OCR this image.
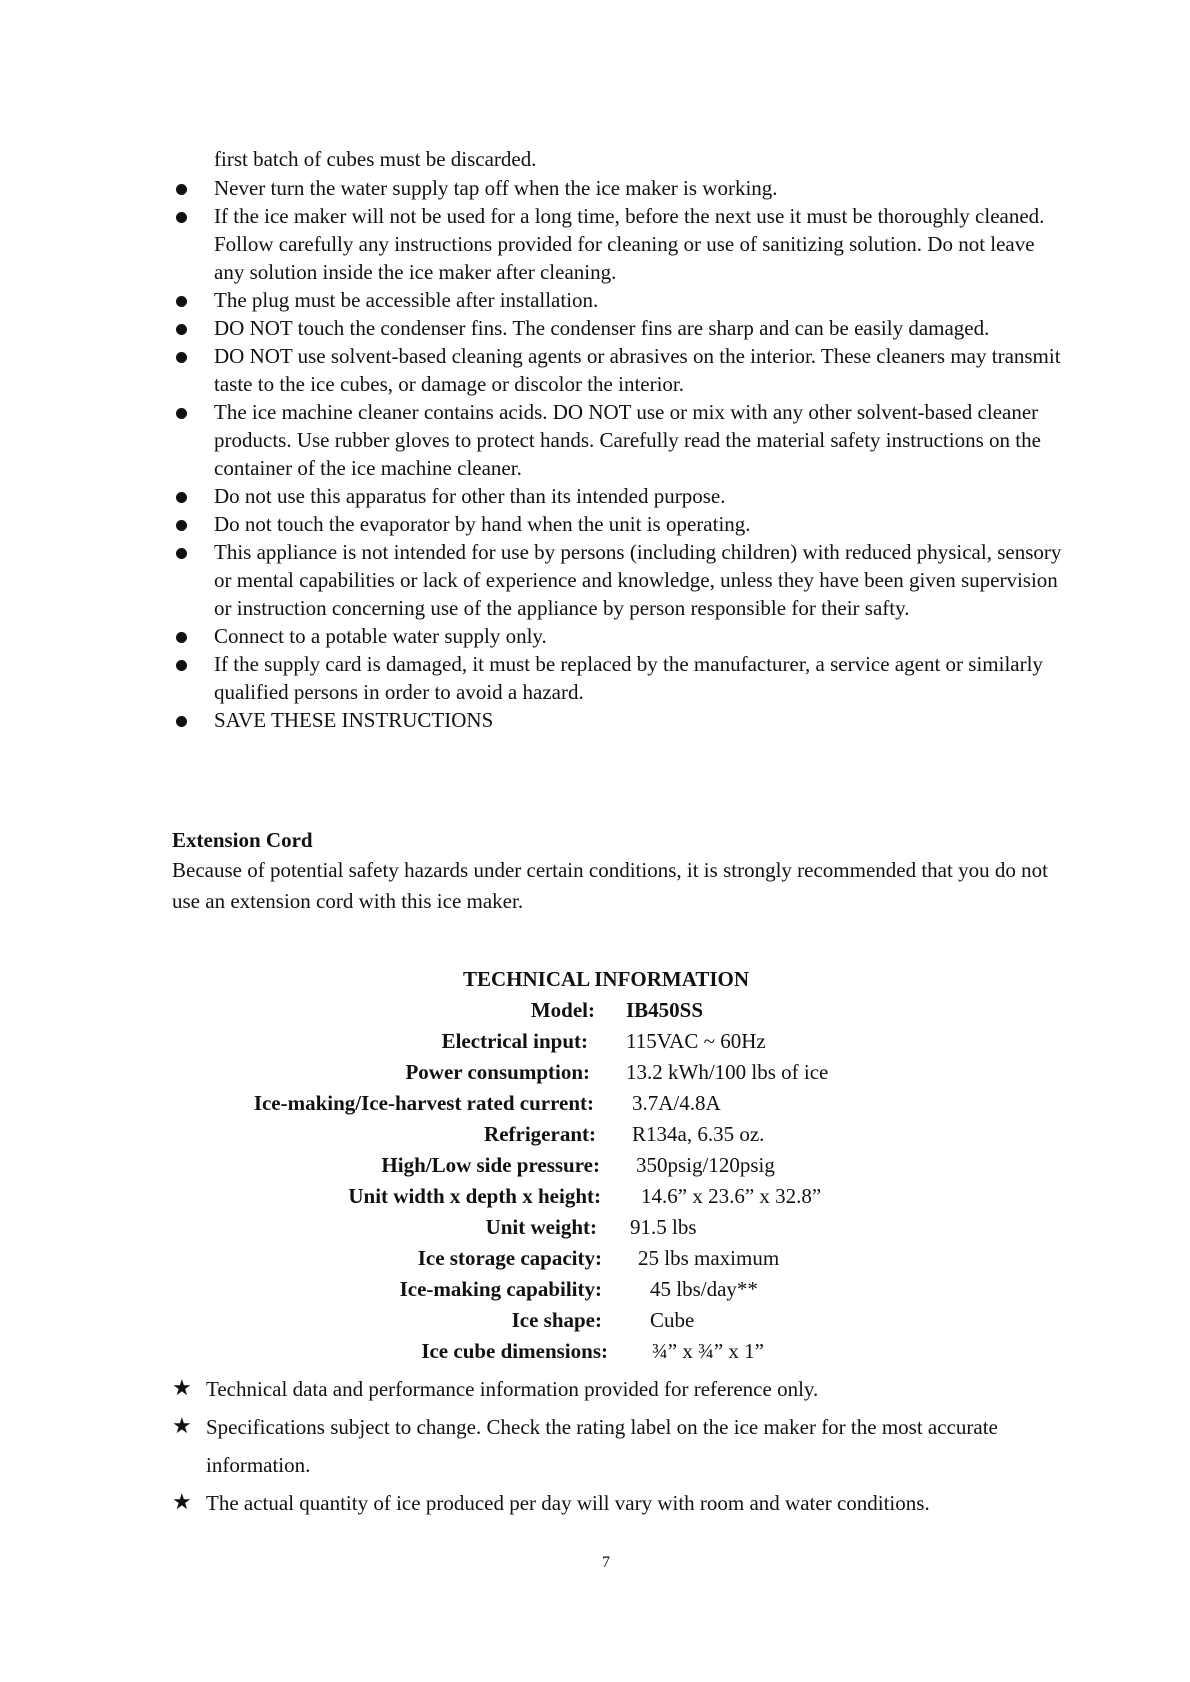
first batch of cubes must be discarded.
Never turn the water supply tap off when the ice maker is working.
If the ice maker will not be used for a long time, before the next use it must be thoroughly cleaned. Follow carefully any instructions provided for cleaning or use of sanitizing solution. Do not leave any solution inside the ice maker after cleaning.
The plug must be accessible after installation.
DO NOT touch the condenser fins. The condenser fins are sharp and can be easily damaged.
DO NOT use solvent-based cleaning agents or abrasives on the interior. These cleaners may transmit taste to the ice cubes, or damage or discolor the interior.
The ice machine cleaner contains acids. DO NOT use or mix with any other solvent-based cleaner products. Use rubber gloves to protect hands. Carefully read the material safety instructions on the container of the ice machine cleaner.
Do not use this apparatus for other than its intended purpose.
Do not touch the evaporator by hand when the unit is operating.
This appliance is not intended for use by persons (including children) with reduced physical, sensory or mental capabilities or lack of experience and knowledge, unless they have been given supervision or instruction concerning use of the appliance by person responsible for their safty.
Connect to a potable water supply only.
If the supply card is damaged, it must be replaced by the manufacturer, a service agent or similarly qualified persons in order to avoid a hazard.
SAVE THESE INSTRUCTIONS
Extension Cord
Because of potential safety hazards under certain conditions, it is strongly recommended that you do not use an extension cord with this ice maker.
TECHNICAL INFORMATION
Model: IB450SS
Electrical input: 115VAC ~ 60Hz
Power consumption: 13.2 kWh/100 lbs of ice
Ice-making/Ice-harvest rated current: 3.7A/4.8A
Refrigerant: R134a, 6.35 oz.
High/Low side pressure: 350psig/120psig
Unit width x depth x height: 14.6” x 23.6” x 32.8”
Unit weight: 91.5 lbs
Ice storage capacity: 25 lbs maximum
Ice-making capability: 45 lbs/day**
Ice shape: Cube
Ice cube dimensions: ¾” x ¾” x 1”
★ Technical data and performance information provided for reference only.
★ Specifications subject to change. Check the rating label on the ice maker for the most accurate information.
★ The actual quantity of ice produced per day will vary with room and water conditions.
7
